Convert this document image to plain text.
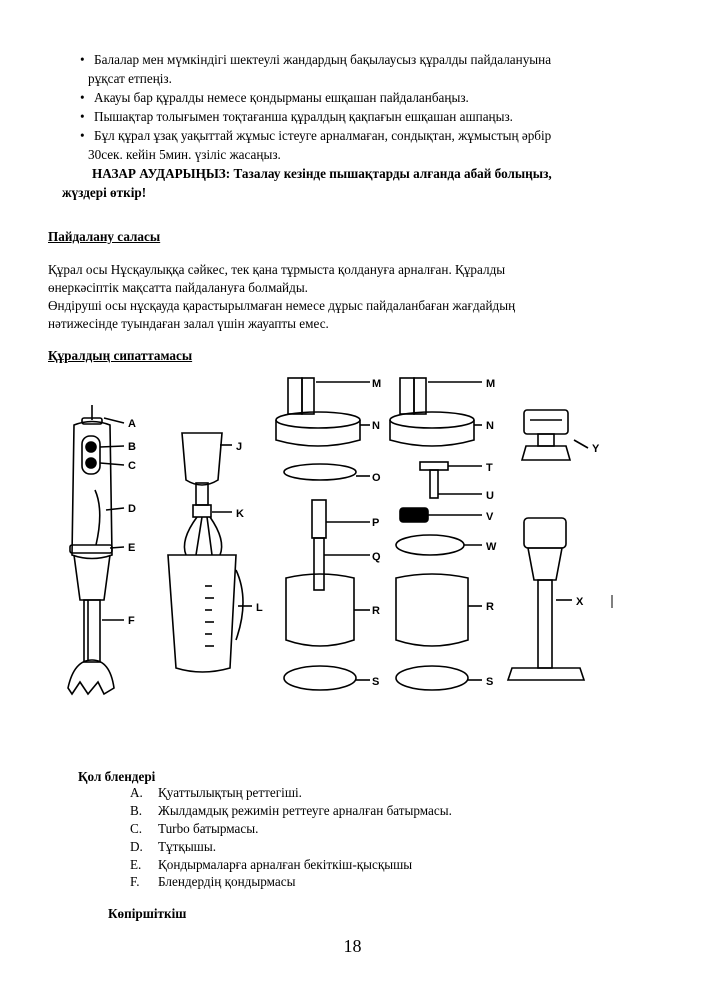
• Балалар мен мүмкіндігі шектеулі жандардың бақылаусыз құралды пайдалануына
рұқсат етпеңіз.
• Акауы бар құралды немесе қондырманы ешқашан пайдаланбаңыз.
• Пышақтар толығымен тоқтағанша құралдың қақпағын ешқашан ашпаңыз.
• Бұл құрал ұзақ уақыттай жұмыс істеуге арналмаған, сондықтан, жұмыстың әрбір
30сек. кейін 5мин. үзіліс жасаңыз.
НАЗАР АУДАРЫҢЫЗ: Тазалау кезінде пышақтарды алғанда абай болыңыз,
жүздері өткір!
Пайдалану саласы
Құрал осы Нұсқаулыққа сәйкес, тек қана тұрмыста қолдануға арналған. Құралды
өнеркәсіптік мақсатта пайдалануға болмайды.
Өндіруші осы нұсқауда қарастырылмаған немесе дұрыс пайдаланбаған жағдайдың
нәтижесінде туындаған залал үшін жауапты емес.
Құралдың сипаттамасы
A
B
C
D
E
F
J
K
L
M
N
O
P
Q
R
S
M
N
T
U
V
W
R
S
Y
X
Қол блендері
A. Қуаттылықтың реттегіші.
B. Жылдамдық режимін реттеуге арналған батырмасы.
C. Turbo батырмасы.
D. Тұтқышы.
E. Қондырмаларға арналған бекіткіш-қысқышы
F. Блендердің қондырмасы
Көпіршіткіш
18
